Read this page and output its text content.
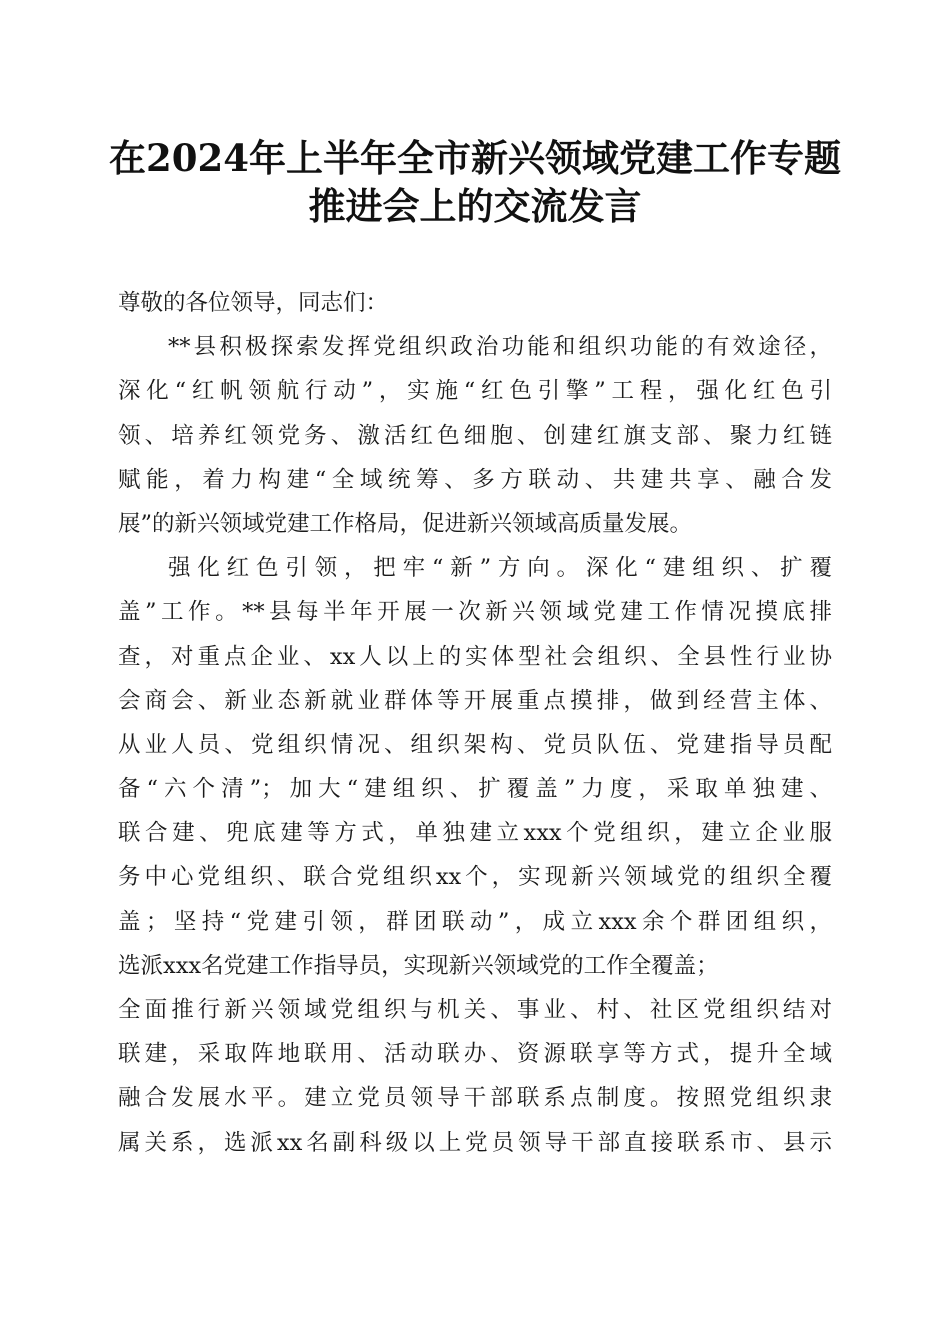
在2024年上半年全市新兴领域党建工作专题
推进会上的交流发言
尊敬的各位领导，同志们：
**县积极探索发挥党组织政治功能和组织功能的有效途径，
深化“红帆领航行动”，实施“红色引擎”工程，强化红色引
领、培养红领党务、激活红色细胞、创建红旗支部、聚力红链
赋能，着力构建“全域统筹、多方联动、共建共享、融合发
展”的新兴领域党建工作格局，促进新兴领域高质量发展。
强化红色引领，把牢“新”方向。深化“建组织、扩覆
盖”工作。**县每半年开展一次新兴领域党建工作情况摸底排
查，对重点企业、xx人以上的实体型社会组织、全县性行业协
会商会、新业态新就业群体等开展重点摸排，做到经营主体、
从业人员、党组织情况、组织架构、党员队伍、党建指导员配
备“六个清”；加大“建组织、扩覆盖”力度，采取单独建、
联合建、兜底建等方式，单独建立xxx个党组织，建立企业服
务中心党组织、联合党组织xx个，实现新兴领域党的组织全覆
盖；坚持“党建引领，群团联动”，成立xxx余个群团组织，
选派xxx名党建工作指导员，实现新兴领域党的工作全覆盖；
全面推行新兴领域党组织与机关、事业、村、社区党组织结对
联建，采取阵地联用、活动联办、资源联享等方式，提升全域
融合发展水平。建立党员领导干部联系点制度。按照党组织隶
属关系，选派xx名副科级以上党员领导干部直接联系市、县示
